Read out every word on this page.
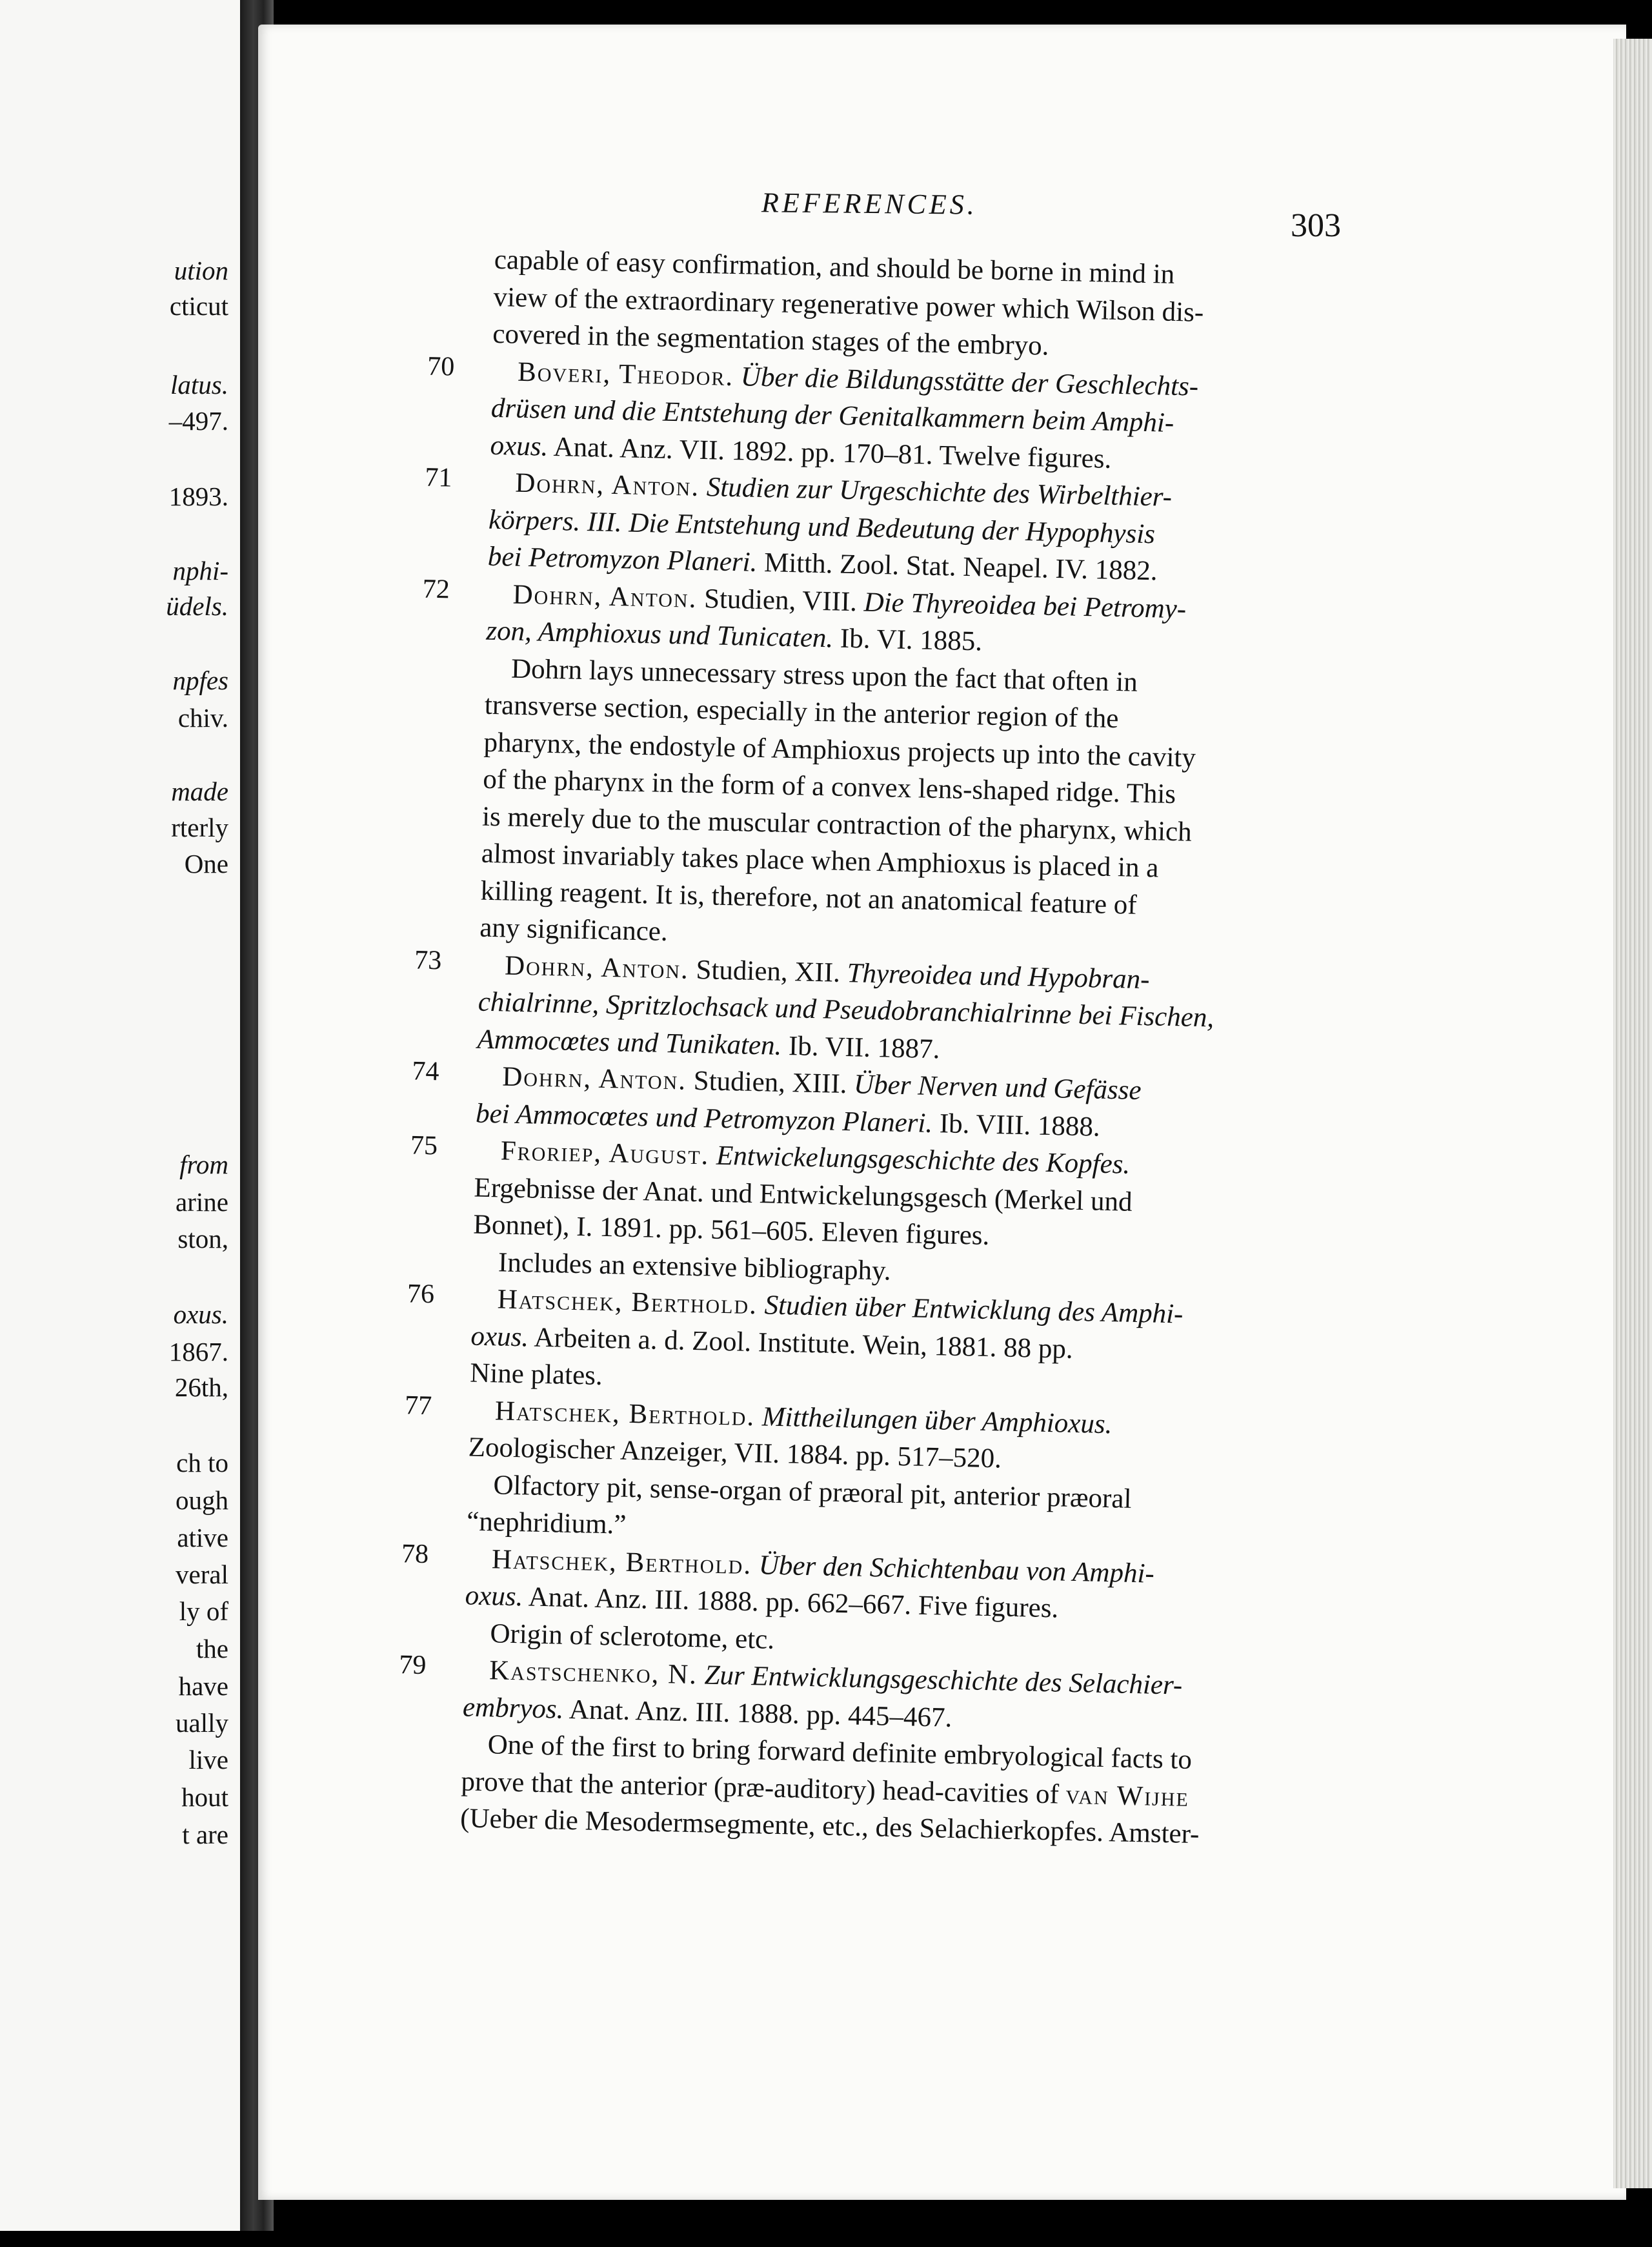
ution
cticut
latus.
–497.
1893.
nphi-
üdels.
npfes
chiv.
made
rterly
One
from
arine
ston,
oxus.
1867.
26th,
ch to
ough
ative
veral
ly of
the
have
ually
live
hout
t are
REFERENCES.
303
capable of easy confirmation, and should be borne in mind in
view of the extraordinary regenerative power which Wilson dis-
covered in the segmentation stages of the embryo.
70 Boveri, Theodor. Über die Bildungsstätte der Geschlechts-
drüsen und die Entstehung der Genitalkammern beim Amphi-
oxus. Anat. Anz. VII. 1892. pp. 170–81. Twelve figures.
71 Dohrn, Anton. Studien zur Urgeschichte des Wirbelthier-
körpers. III. Die Entstehung und Bedeutung der Hypophysis
bei Petromyzon Planeri. Mitth. Zool. Stat. Neapel. IV. 1882.
72 Dohrn, Anton. Studien, VIII. Die Thyreoidea bei Petromy-
zon, Amphioxus und Tunicaten. Ib. VI. 1885.
Dohrn lays unnecessary stress upon the fact that often in
transverse section, especially in the anterior region of the
pharynx, the endostyle of Amphioxus projects up into the cavity
of the pharynx in the form of a convex lens-shaped ridge. This
is merely due to the muscular contraction of the pharynx, which
almost invariably takes place when Amphioxus is placed in a
killing reagent. It is, therefore, not an anatomical feature of
any significance.
73 Dohrn, Anton. Studien, XII. Thyreoidea und Hypobran-
chialrinne, Spritzlochsack und Pseudobranchialrinne bei Fischen,
Ammocœtes und Tunikaten. Ib. VII. 1887.
74 Dohrn, Anton. Studien, XIII. Über Nerven und Gefässe
bei Ammocœtes und Petromyzon Planeri. Ib. VIII. 1888.
75 Froriep, August. Entwickelungsgeschichte des Kopfes.
Ergebnisse der Anat. und Entwickelungsgesch (Merkel und
Bonnet), I. 1891. pp. 561–605. Eleven figures.
Includes an extensive bibliography.
76 Hatschek, Berthold. Studien über Entwicklung des Amphi-
oxus. Arbeiten a. d. Zool. Institute. Wein, 1881. 88 pp.
Nine plates.
77 Hatschek, Berthold. Mittheilungen über Amphioxus.
Zoologischer Anzeiger, VII. 1884. pp. 517–520.
Olfactory pit, sense-organ of præoral pit, anterior præoral
“nephridium.”
78 Hatschek, Berthold. Über den Schichtenbau von Amphi-
oxus. Anat. Anz. III. 1888. pp. 662–667. Five figures.
Origin of sclerotome, etc.
79 Kastschenko, N. Zur Entwicklungsgeschichte des Selachier-
embryos. Anat. Anz. III. 1888. pp. 445–467.
One of the first to bring forward definite embryological facts to
prove that the anterior (præ-auditory) head-cavities of van Wijhe
(Ueber die Mesodermsegmente, etc., des Selachierkopfes. Amster-
